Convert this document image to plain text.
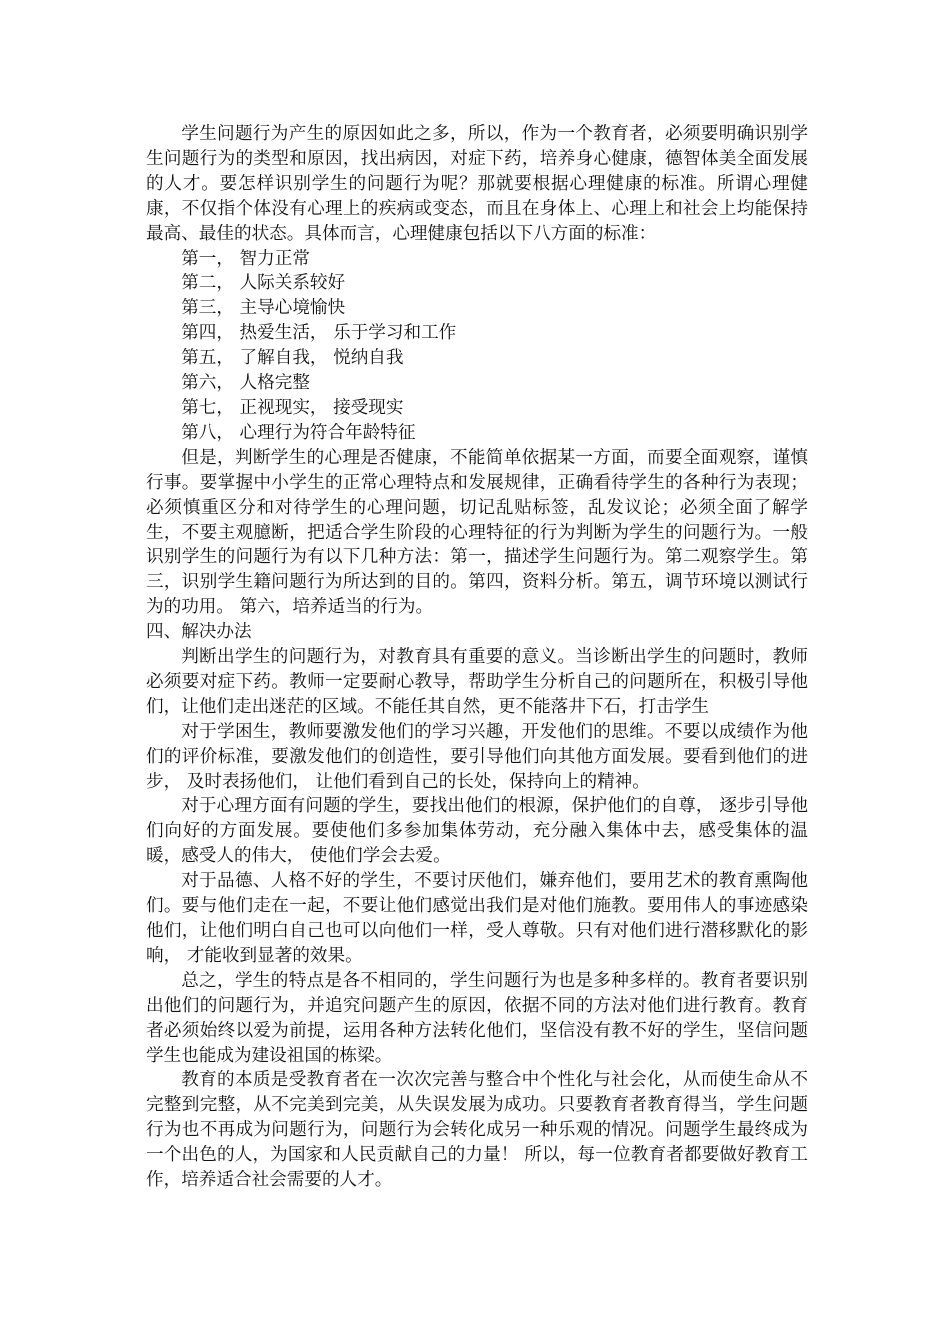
学生问题行为产生的原因如此之多，所以，作为一个教育者，必须要明确识别学生问题行为的类型和原因，找出病因，对症下药，培养身心健康，德智体美全面发展的人才。要怎样识别学生的问题行为呢？那就要根据心理健康的标准。所谓心理健康，不仅指个体没有心理上的疾病或变态，而且在身体上、心理上和社会上均能保持最高、最佳的状态。具体而言，心理健康包括以下八方面的标准：

第一， 智力正常

第二， 人际关系较好

第三， 主导心境愉快

第四， 热爱生活， 乐于学习和工作

第五， 了解自我， 悦纳自我

第六， 人格完整

第七， 正视现实， 接受现实

第八， 心理行为符合年龄特征

但是，判断学生的心理是否健康，不能简单依据某一方面，而要全面观察，谨慎行事。要掌握中小学生的正常心理特点和发展规律，正确看待学生的各种行为表现；必须慎重区分和对待学生的心理问题，切记乱贴标签，乱发议论；必须全面了解学生，不要主观臆断，把适合学生阶段的心理特征的行为判断为学生的问题行为。一般识别学生的问题行为有以下几种方法：第一，描述学生问题行为。第二观察学生。第三，识别学生籍问题行为所达到的目的。第四，资料分析。第五，调节环境以测试行为的功用。 第六，培养适当的行为。

四、解决办法

判断出学生的问题行为，对教育具有重要的意义。当诊断出学生的问题时，教师必须要对症下药。教师一定要耐心教导，帮助学生分析自己的问题所在，积极引导他们，让他们走出迷茫的区域。不能任其自然，更不能落井下石，打击学生

对于学困生，教师要激发他们的学习兴趣，开发他们的思维。不要以成绩作为他们的评价标准，要激发他们的创造性，要引导他们向其他方面发展。要看到他们的进步， 及时表扬他们， 让他们看到自己的长处，保持向上的精神。

对于心理方面有问题的学生，要找出他们的根源，保护他们的自尊， 逐步引导他们向好的方面发展。要使他们多参加集体劳动，充分融入集体中去，感受集体的温暖，感受人的伟大， 使他们学会去爱。

对于品德、人格不好的学生，不要讨厌他们，嫌弃他们，要用艺术的教育熏陶他们。要与他们走在一起，不要让他们感觉出我们是对他们施教。要用伟人的事迹感染他们，让他们明白自己也可以向他们一样，受人尊敬。只有对他们进行潜移默化的影响， 才能收到显著的效果。

总之，学生的特点是各不相同的，学生问题行为也是多种多样的。教育者要识别出他们的问题行为，并追究问题产生的原因，依据不同的方法对他们进行教育。教育者必须始终以爱为前提，运用各种方法转化他们，坚信没有教不好的学生，坚信问题学生也能成为建设祖国的栋梁。

教育的本质是受教育者在一次次完善与整合中个性化与社会化，从而使生命从不完整到完整，从不完美到完美，从失误发展为成功。只要教育者教育得当，学生问题行为也不再成为问题行为，问题行为会转化成另一种乐观的情况。问题学生最终成为一个出色的人，为国家和人民贡献自己的力量！ 所以，每一位教育者都要做好教育工作，培养适合社会需要的人才。
